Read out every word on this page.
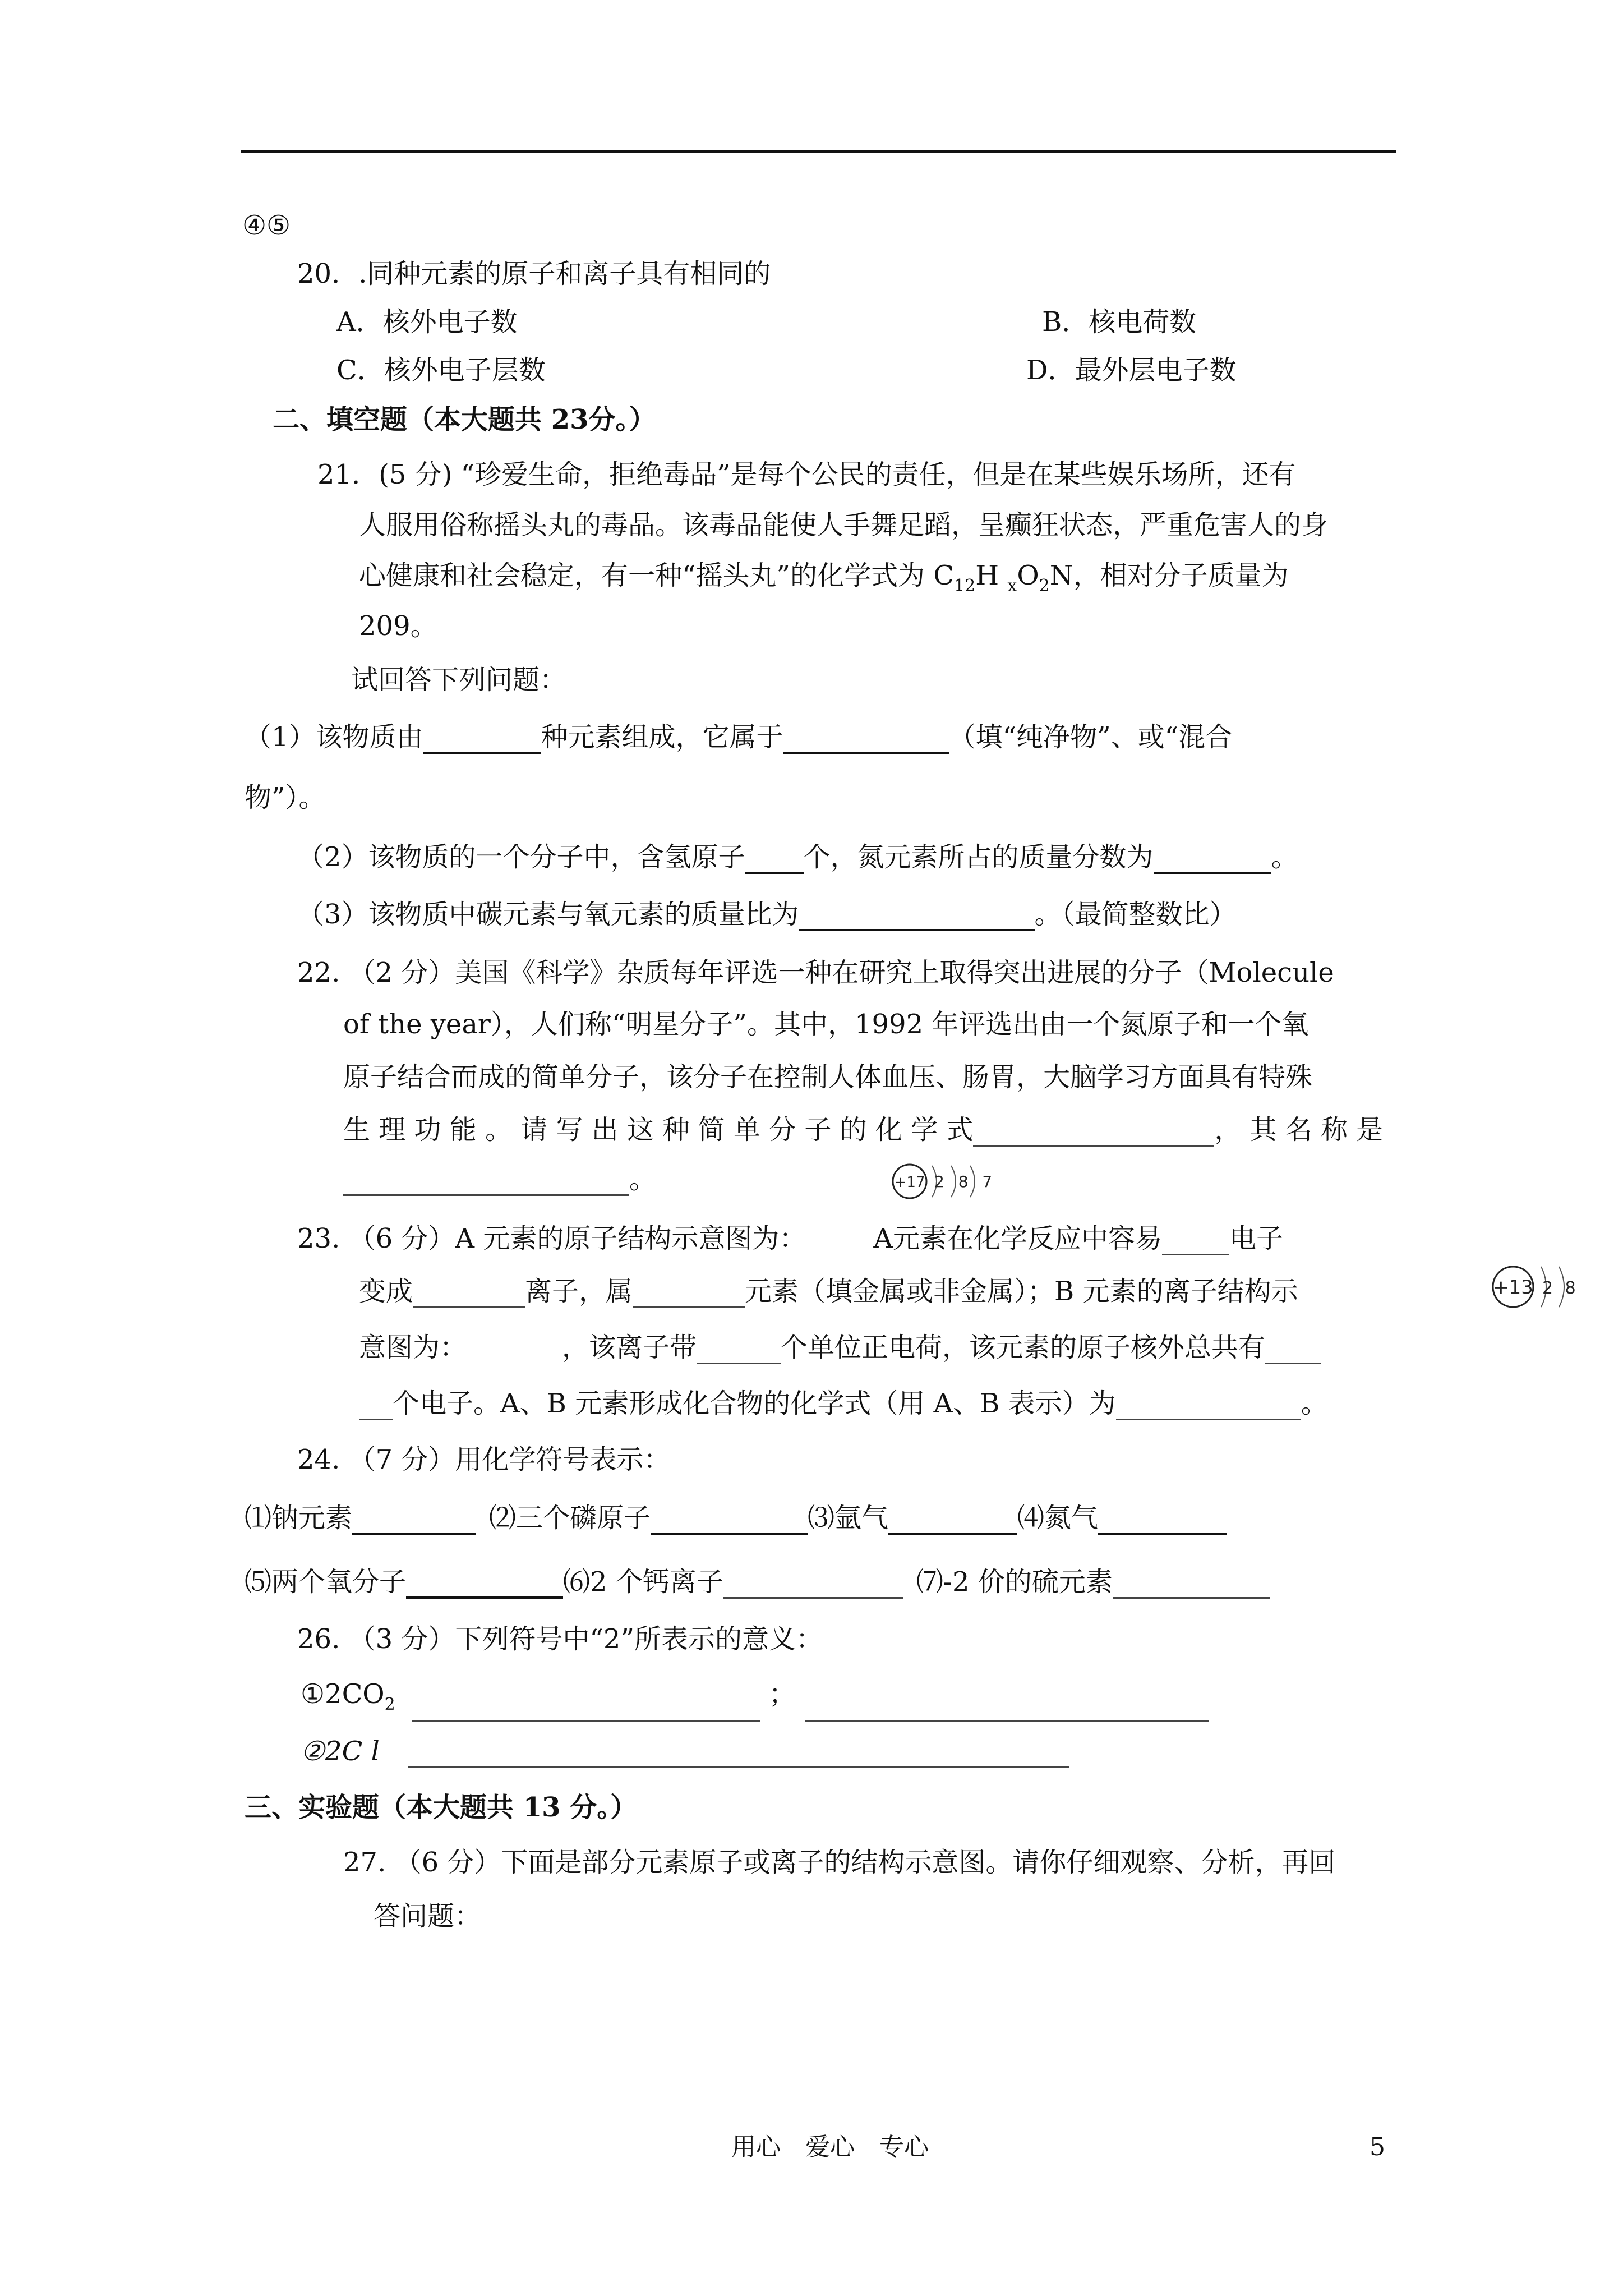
④⑤
20．.同种元素的原子和离子具有相同的
A．核外电子数	B．核电荷数
C．核外电子层数	D．最外层电子数
二、填空题（本大题共 23分。）
21．(5 分) “珍爱生命，拒绝毒品”是每个公民的责任，但是在某些娱乐场所，还有
人服用俗称摇头丸的毒品。该毒品能使人手舞足蹈，呈癫狂状态，严重危害人的身
心健康和社会稳定，有一种“摇头丸”的化学式为 $C_{12}H$ $_xO_2N$，相对分子质量为
209。
试回答下列问题：
（1）该物质由	种元素组成，它属于	（填“纯净物”、或“混合
物”）。
（2）该物质的一个分子中，含氢原子 个，氮元素所占的质量分数为	。
（3）该物质中碳元素与氧元素的质量比为	。（最简整数比）
22. （2 分）美国《科学》杂质每年评选一种在研究上取得突出进展的分子（Molecule
of the year），人们称“明星分子”。其中，1992 年评选出由一个氮原子和一个氧
原子结合而成的简单分子，该分子在控制人体血压、肠胃，大脑学习方面具有特殊
生 理 功 能 。 请 写 出 这 种 简 单 分 子 的 化 学 式	， 其 名 称 是
。	+17 2 8 7
23. （6 分）A 元素的原子结构示意图为：	A元素在化学反应中容易	电子
变成	离子，属	元素（填金属或非金属）；B 元素的离子结构示
意图为：	，该离子带	个单位正电荷，该元素的原子核外总共有
个电子。A、B 元素形成化合物的化学式（用 A、B 表示）为	。
+13 2 8
24. （7 分）用化学符号表示：
⑴钠元素	⑵三个磷原子	⑶氩气	⑷氮气
⑸两个氧分子	⑹2 个钙离子	⑺-2 价的硫元素
26. （3 分）下列符号中“2”所表示的意义：
$①2CO_2$	；
②2C l
三、实验题（本大题共 13 分。）
27. （6 分）下面是部分元素原子或离子的结构示意图。请你仔细观察、分析，再回
答问题：
用心　爱心　专心	5
